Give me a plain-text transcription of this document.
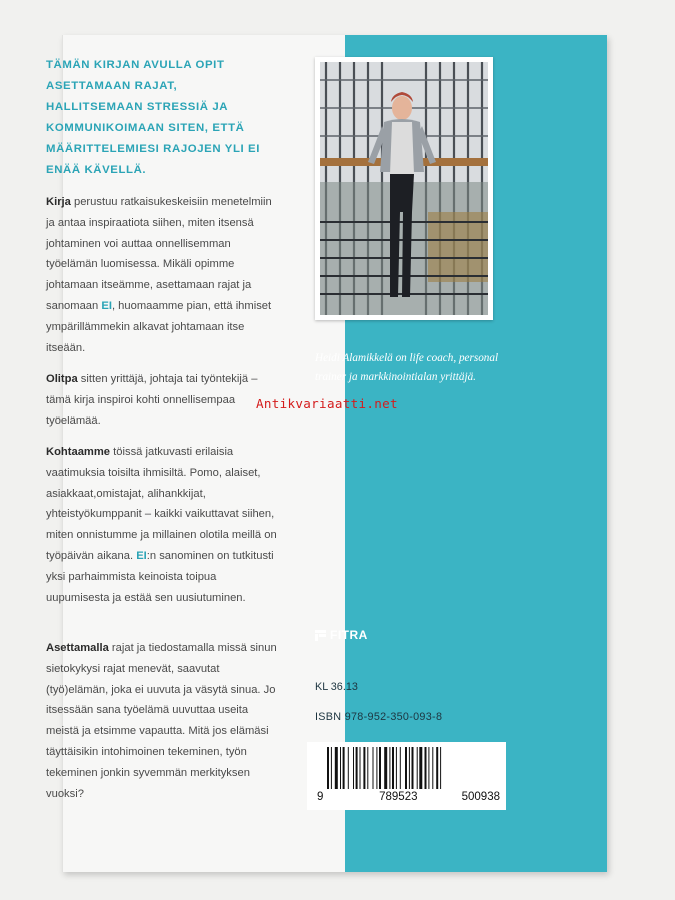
TÄMÄN KIRJAN AVULLA OPIT ASETTAMAAN RAJAT, HALLITSEMAAN STRESSIÄ JA KOMMUNIKOIMAAN SITEN, ETTÄ MÄÄRITTELEMIESI RAJOJEN YLI EI ENÄÄ KÄVELLÄ.

Kirja perustuu ratkaisukeskeisiin menetelmiin ja antaa inspiraatiota siihen, miten itsensä johtaminen voi auttaa onnellisemman työelämän luomisessa. Mikäli opimme johtamaan itseämme, asettamaan rajat ja sanomaan EI, huomaamme pian, että ihmiset ympärillämmekin alkavat johtamaan itse itseään.

Olitpa sitten yrittäjä, johtaja tai työntekijä – tämä kirja inspiroi kohti onnellisempaa työelämää.

Kohtaamme töissä jatkuvasti erilaisia vaatimuksia toisilta ihmisiltä. Pomo, alaiset, asiakkaat,omistajat, alihankkijat, yhteistyökumppanit – kaikki vaikuttavat siihen, miten onnistumme ja millainen olotila meillä on työpäivän aikana. EI:n sanominen on tutkitusti yksi parhaimmista keinoista toipua uupumisesta ja estää sen uusiutuminen.

Asettamalla rajat ja tiedostamalla missä sinun sietokykysi rajat menevät, saavutat (työ)elämän, joka ei uuvuta ja väsytä sinua. Jo itsessään sana työelämä uuvuttaa useita meistä ja etsimme vapautta. Mitä jos elämäsi täyttäisikin intohimoinen tekeminen, työn tekeminen jonkin syvemmän merkityksen vuoksi?

Heidi Alamikkelä on life coach, personal trainer ja markkinointialan yrittäjä.

Antikvariaatti.net
FITRA
KL 36.13
ISBN 978-952-350-093-8
9	789523	500938
